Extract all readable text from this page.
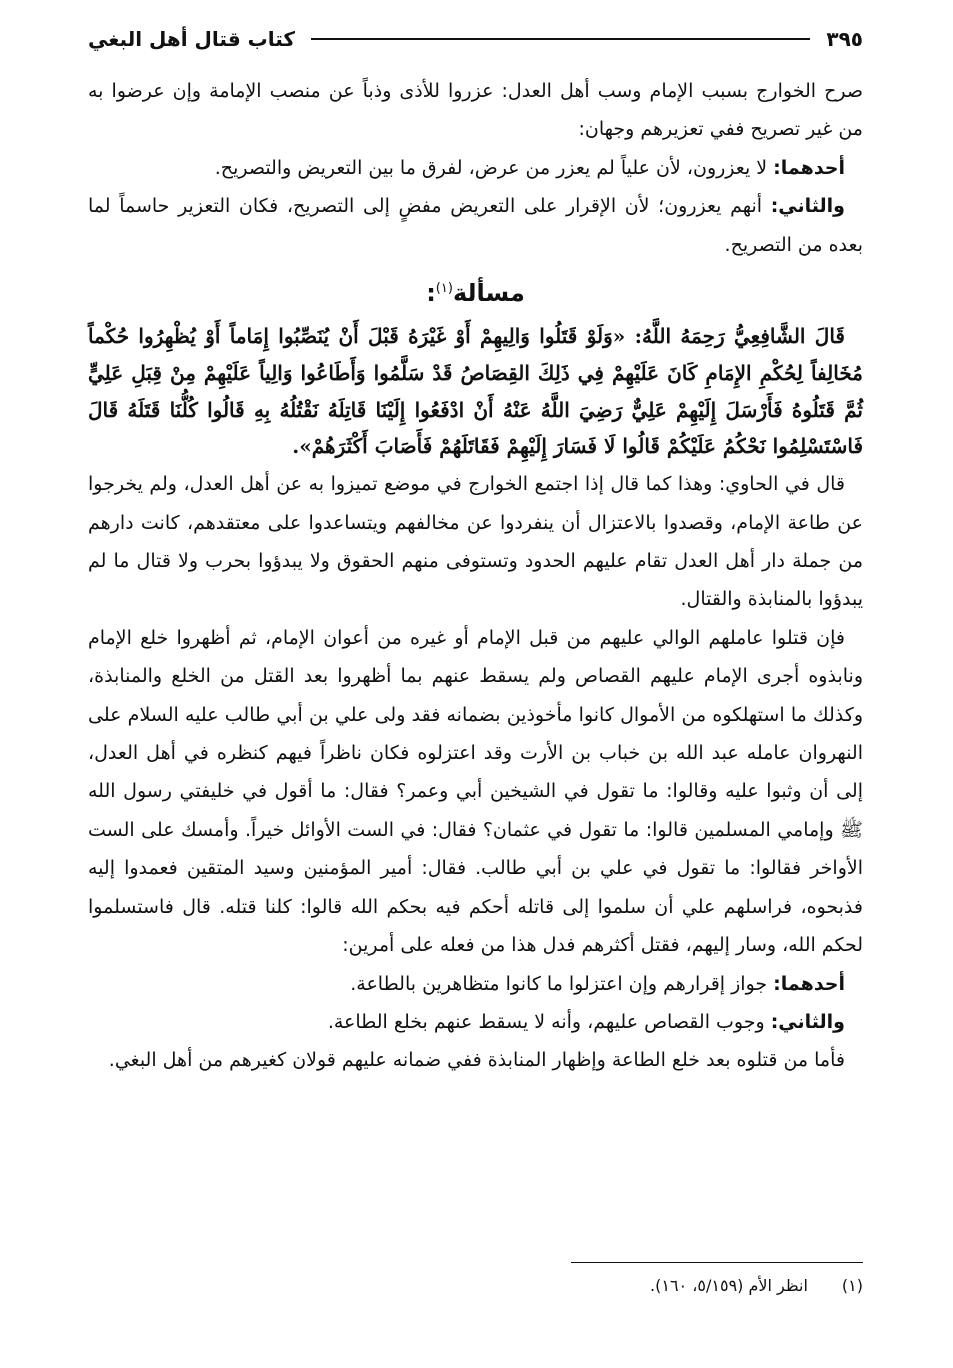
٣٩٥
كتاب قتال أهل البغي

صرح الخوارج بسبب الإمام وسب أهل العدل: عزروا للأذى وذباً عن منصب الإمامة وإن عرضوا به من غير تصريح ففي تعزيرهم وجهان:

أحدهما: لا يعزرون، لأن علياً لم يعزر من عرض، لفرق ما بين التعريض والتصريح.

والثاني: أنهم يعزرون؛ لأن الإقرار على التعريض مفضٍ إلى التصريح، فكان التعزير حاسماً لما بعده من التصريح.

مسألة$^{(١)}$:

قَالَ الشَّافِعِيُّ رَحِمَهُ اللَّهُ: «وَلَوْ قَتَلُوا وَالِيهِمْ أَوْ غَيْرَهُ قَبْلَ أَنْ يُنَصِّبُوا إِمَاماً أَوْ يُظْهِرُوا حُكْماً مُخَالِفاً لِحُكْمِ الإِمَامِ كَانَ عَلَيْهِمْ فِي ذَلِكَ القِصَاصُ قَدْ سَلَّمُوا وَأَطَاعُوا وَالِياً عَلَيْهِمْ مِنْ قِبَلِ عَلِيٍّ ثُمَّ قَتَلُوهُ فَأَرْسَلَ إِلَيْهِمْ عَلِيٌّ رَضِيَ اللَّهُ عَنْهُ أَنْ ادْفَعُوا إِلَيْنَا قَاتِلَهُ نَقْتُلُهُ بِهِ قَالُوا كُلُّنَا قَتَلَهُ قَالَ فَاسْتَسْلِمُوا نَحْكُمُ عَلَيْكُمْ قَالُوا لَا فَسَارَ إِلَيْهِمْ فَقَاتَلَهُمْ فَأَصَابَ أَكْثَرَهُمْ».

قال في الحاوي: وهذا كما قال إذا اجتمع الخوارج في موضع تميزوا به عن أهل العدل، ولم يخرجوا عن طاعة الإمام، وقصدوا بالاعتزال أن ينفردوا عن مخالفهم ويتساعدوا على معتقدهم، كانت دارهم من جملة دار أهل العدل تقام عليهم الحدود وتستوفى منهم الحقوق ولا يبدؤوا بحرب ولا قتال ما لم يبدؤوا بالمنابذة والقتال.

فإن قتلوا عاملهم الوالي عليهم من قبل الإمام أو غيره من أعوان الإمام، ثم أظهروا خلع الإمام ونابذوه أجرى الإمام عليهم القصاص ولم يسقط عنهم بما أظهروا بعد القتل من الخلع والمنابذة، وكذلك ما استهلكوه من الأموال كانوا مأخوذين بضمانه فقد ولى علي بن أبي طالب عليه السلام على النهروان عامله عبد الله بن خباب بن الأرت وقد اعتزلوه فكان ناظراً فيهم كنظره في أهل العدل، إلى أن وثبوا عليه وقالوا: ما تقول في الشيخين أبي وعمر؟ فقال: ما أقول في خليفتي رسول الله ﷺ وإمامي المسلمين قالوا: ما تقول في عثمان؟ فقال: في الست الأوائل خيراً. وأمسك على الست الأواخر فقالوا: ما تقول في علي بن أبي طالب. فقال: أمير المؤمنين وسيد المتقين فعمدوا إليه فذبحوه، فراسلهم علي أن سلموا إلى قاتله أحكم فيه بحكم الله قالوا: كلنا قتله. قال فاستسلموا لحكم الله، وسار إليهم، فقتل أكثرهم فدل هذا من فعله على أمرين:

أحدهما: جواز إقرارهم وإن اعتزلوا ما كانوا متظاهرين بالطاعة.

والثاني: وجوب القصاص عليهم، وأنه لا يسقط عنهم بخلع الطاعة.

فأما من قتلوه بعد خلع الطاعة وإظهار المنابذة ففي ضمانه عليهم قولان كغيرهم من أهل البغي.

(١)
انظر الأم (٥/١٥٩، ١٦٠).
